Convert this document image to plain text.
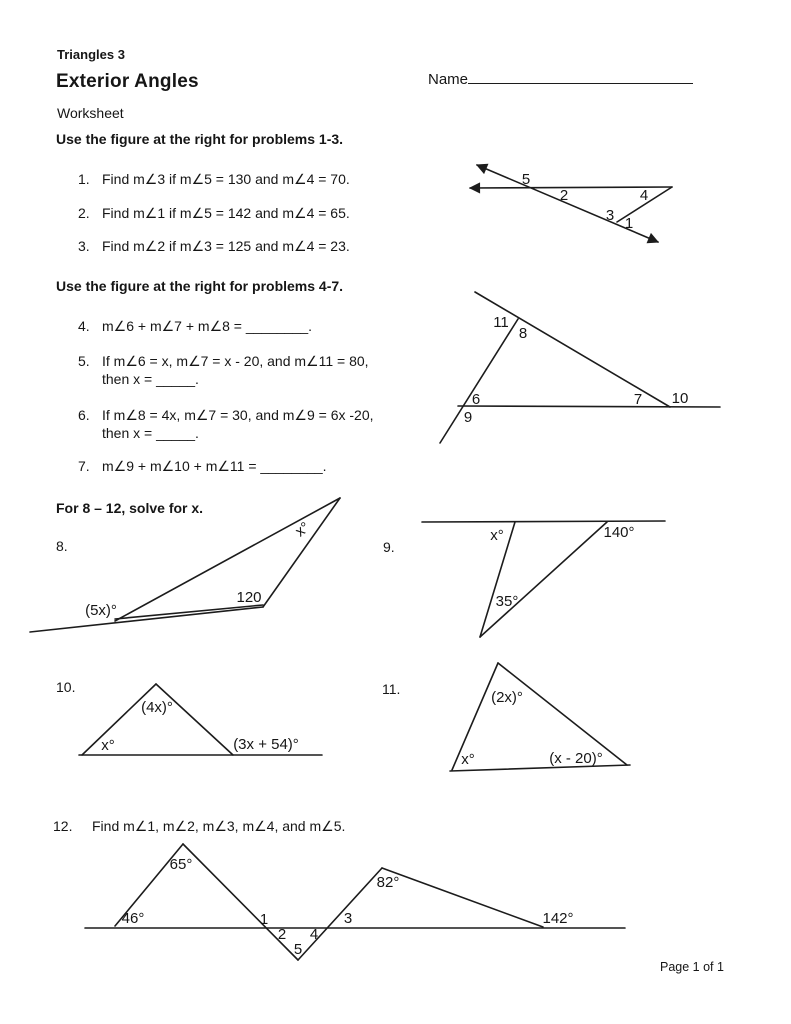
Triangles 3
Exterior Angles
Worksheet
Name
Use the figure at the right for problems 1-3.
1. Find m∠3 if m∠5 = 130 and m∠4 = 70.
2. Find m∠1 if m∠5 = 142 and m∠4 = 65.
3. Find m∠2 if m∠3 = 125 and m∠4 = 23.
5
2	4
3 1
Use the figure at the right for problems 4-7.
4. m∠6 + m∠7 + m∠8 = ________.
5. If m∠6 = x, m∠7 = x - 20, and m∠11 = 80,
then x = _____.
6. If m∠8 = 4x, m∠7 = 30, and m∠9 = 6x -20,
then x = _____.
7. m∠9 + m∠10 + m∠11 = ________.
11
8
6
9
7 10
For 8 – 12, solve for x.
8.
x°
120
(5x)°
9.
x°	140°
35°
10.
(4x)°
x°	(3x + 54)°
11.	(2x)°
x°	(x - 20)°
12.	Find m∠1, m∠2, m∠3, m∠4, and m∠5.
46°
65°
1
2 4
5
3
82°
142°
Page 1 of 1
